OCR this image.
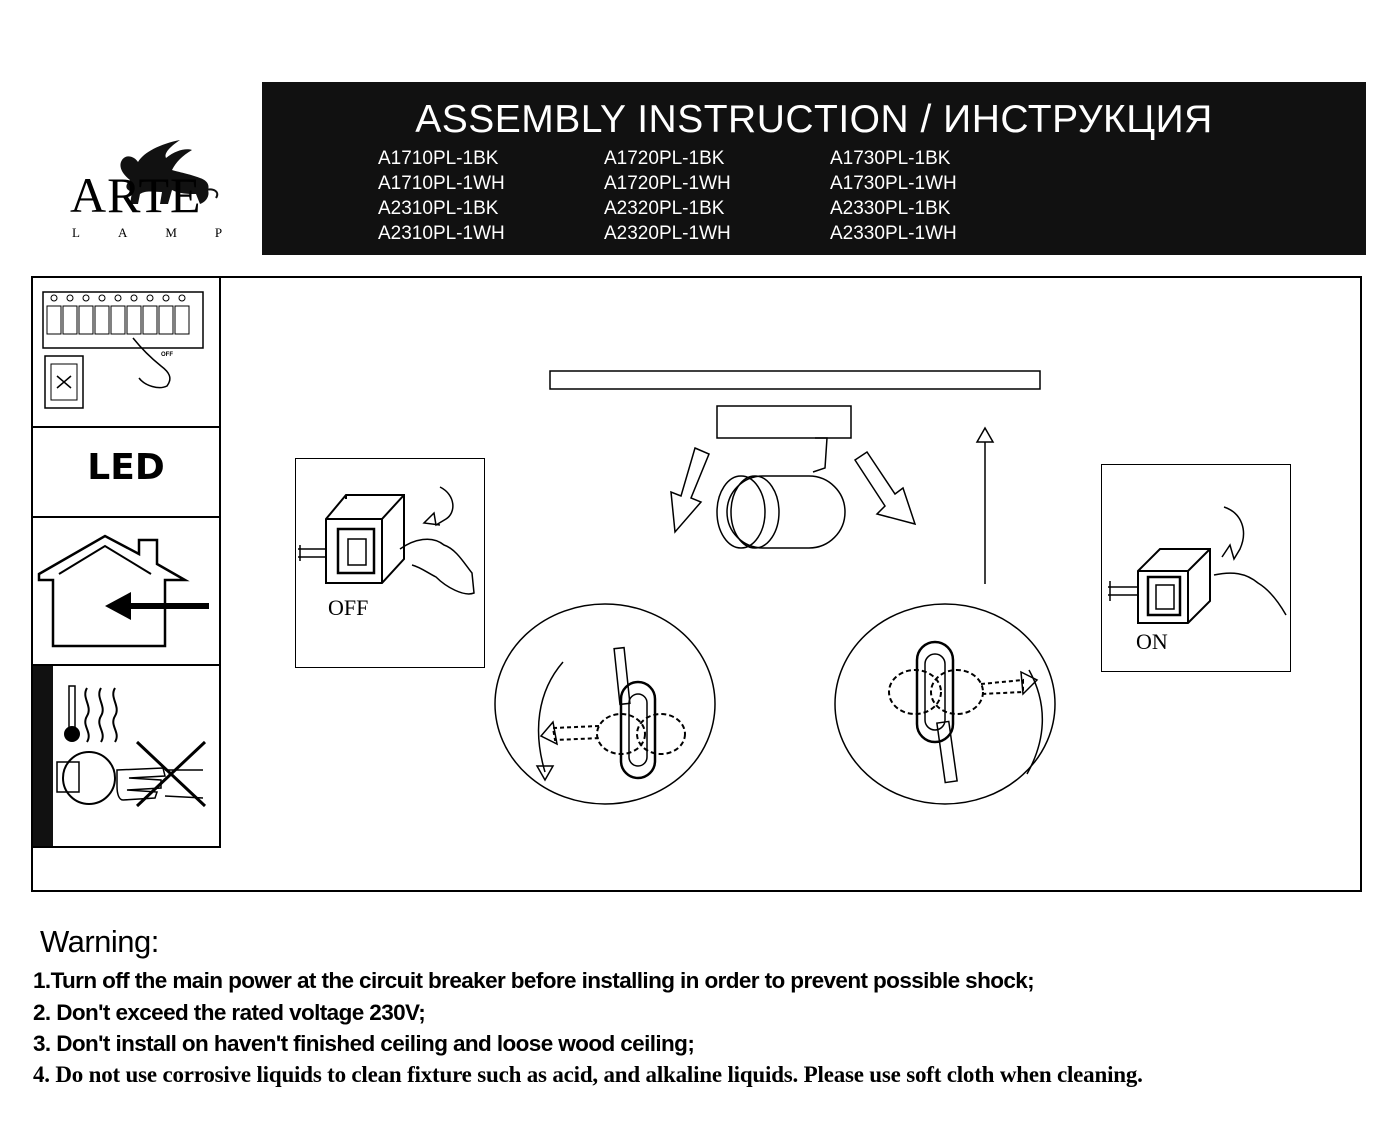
ARTE
LAMP
ASSEMBLY INSTRUCTION / ИНСТРУКЦИЯ
A1710PL-1BK
A1710PL-1WH
A2310PL-1BK
A2310PL-1WH
A1720PL-1BK
A1720PL-1WH
A2320PL-1BK
A2320PL-1WH
A1730PL-1BK
A1730PL-1WH
A2330PL-1BK
A2330PL-1WH
OFF
LED
OFF
ON
Warning:
1.Turn off the main power at the circuit breaker before installing in order to prevent possible shock;
2. Don't exceed the rated voltage 230V;
3. Don't install on haven't finished ceiling and loose wood ceiling;
4. Do not use corrosive liquids to clean fixture such as acid, and alkaline liquids. Please use soft cloth when cleaning.
